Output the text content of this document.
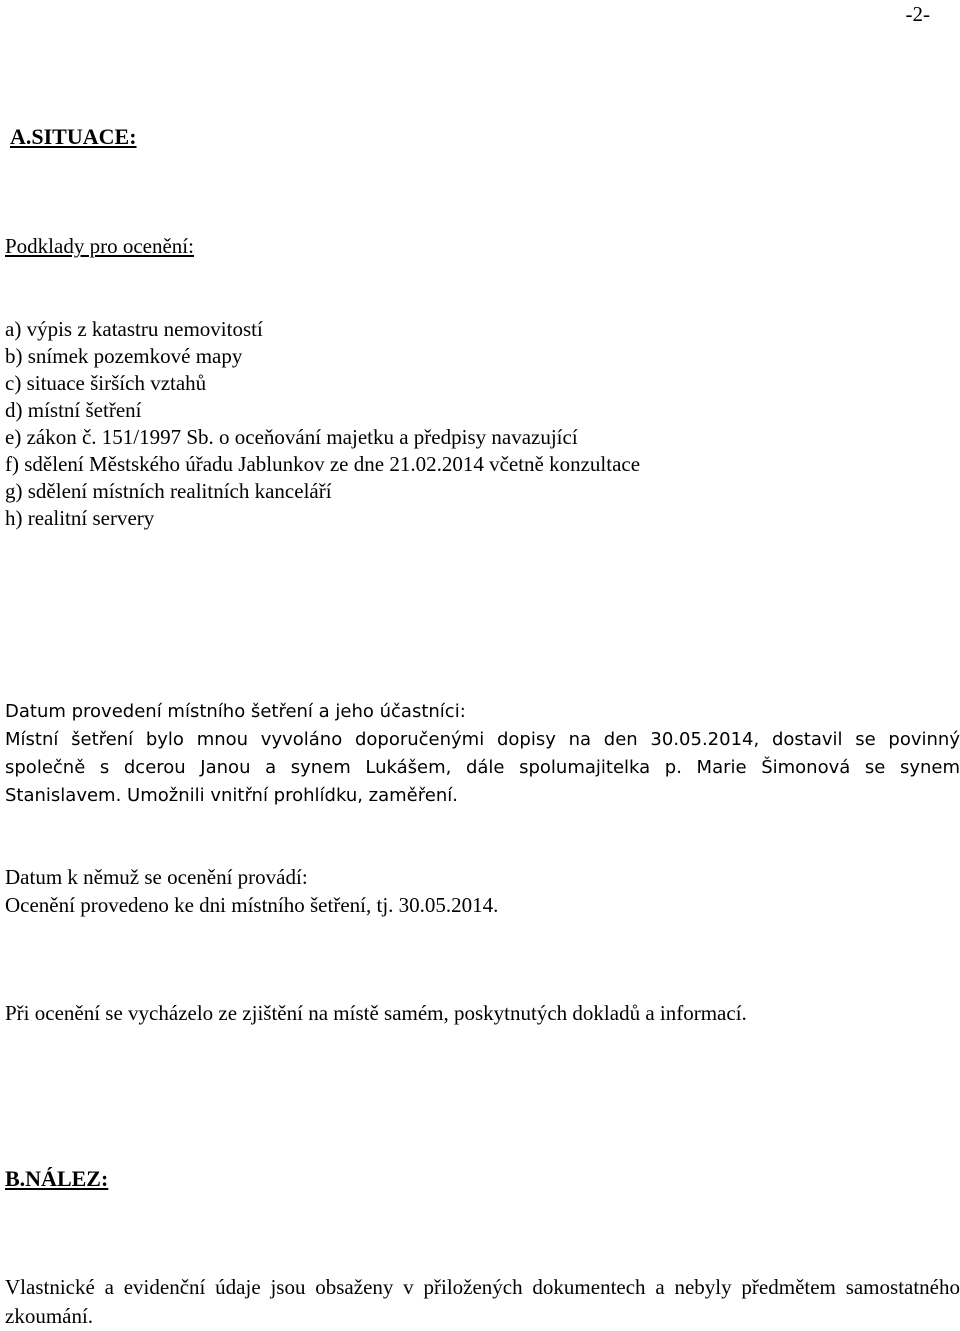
-2-
A.SITUACE:
Podklady pro ocenění:
a) výpis z katastru nemovitostí
b) snímek pozemkové mapy
c) situace širších vztahů
d) místní šetření
e) zákon č. 151/1997 Sb. o oceňování majetku a předpisy navazující
f) sdělení Městského úřadu Jablunkov ze dne 21.02.2014 včetně konzultace
g) sdělení místních realitních kanceláří
h) realitní servery
Datum provedení místního šetření a jeho účastníci:

Místní šetření bylo mnou vyvoláno doporučenými dopisy na den 30.05.2014, dostavil se povinný společně s dcerou Janou a synem Lukášem, dále spolumajitelka p. Marie Šimonová se synem Stanislavem. Umožnili vnitřní prohlídku, zaměření.

Datum k němuž se ocenění provádí:
Ocenění provedeno ke dni místního šetření, tj. 30.05.2014.
Při ocenění se vycházelo ze zjištění na místě samém, poskytnutých dokladů a informací.
B.NÁLEZ:

Vlastnické a evidenční údaje jsou obsaženy v přiložených dokumentech a nebyly předmětem samostatného zkoumání.
